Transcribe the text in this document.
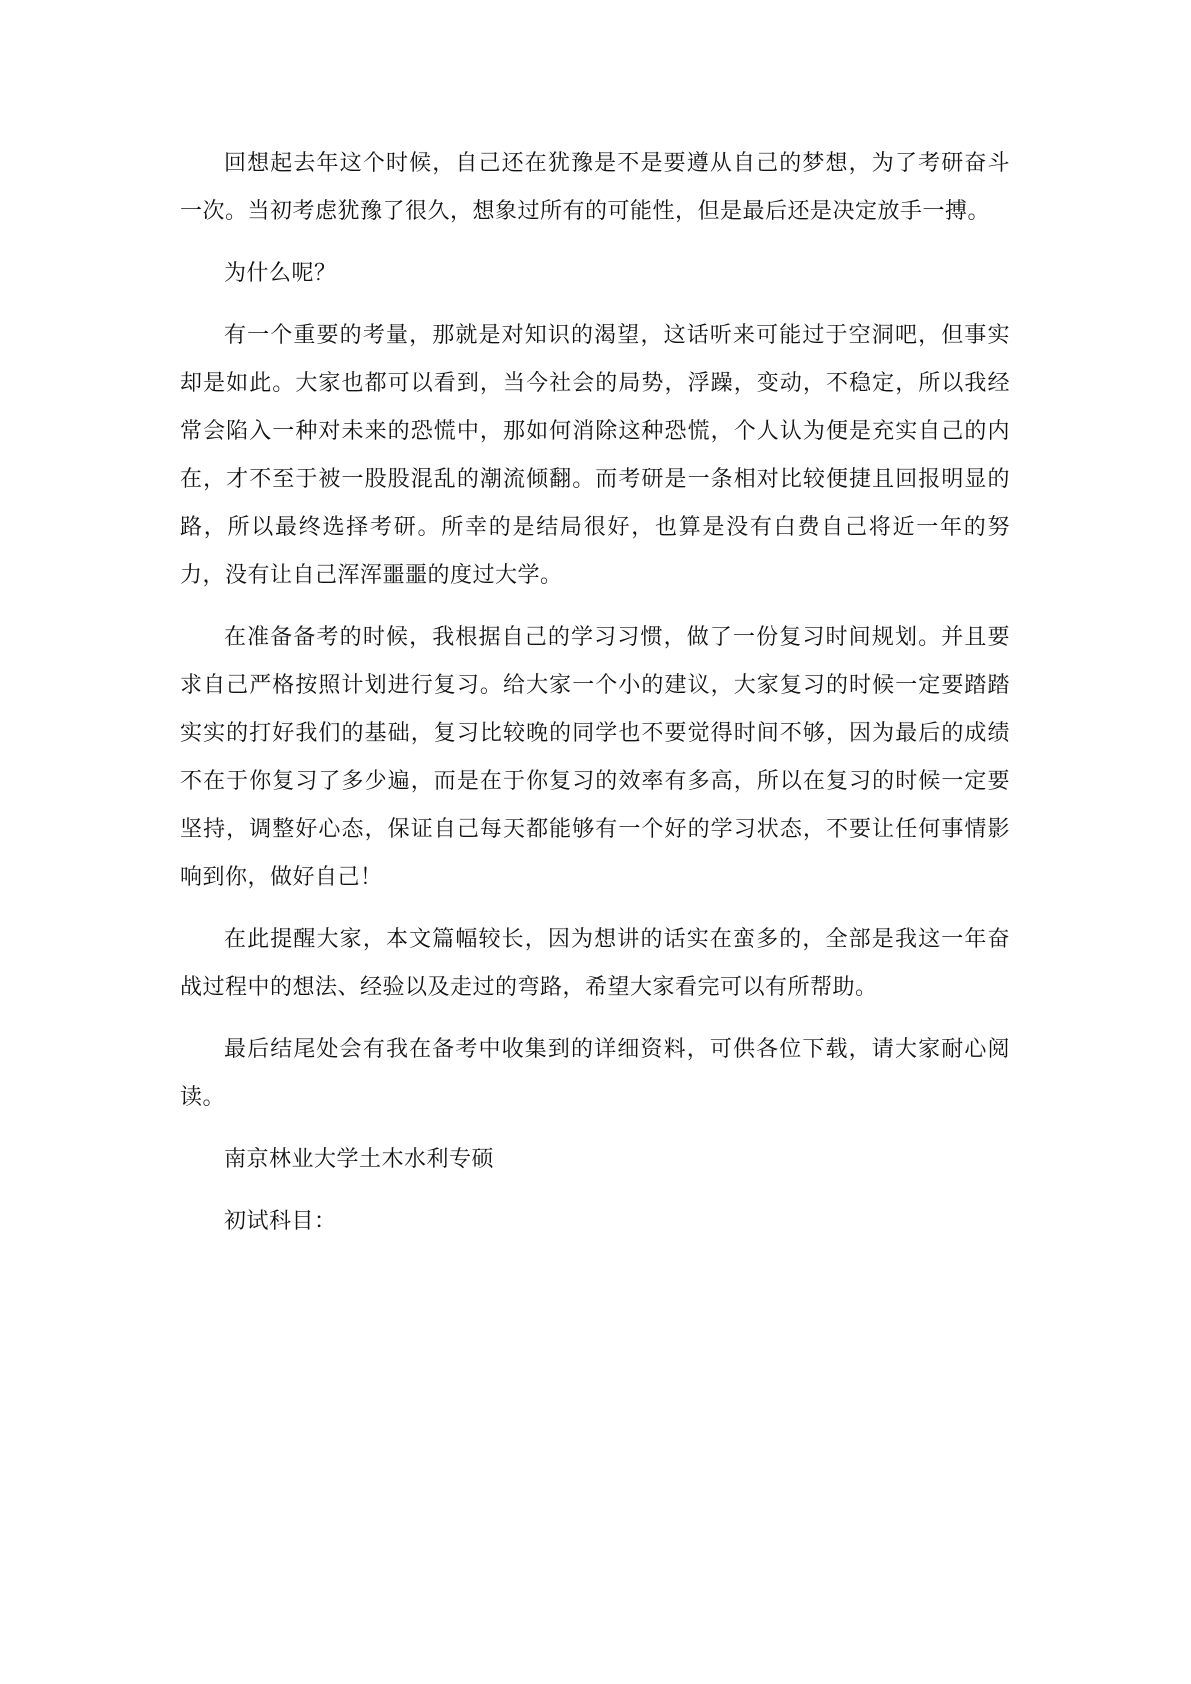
回想起去年这个时候，自己还在犹豫是不是要遵从自己的梦想，为了考研奋斗一次。当初考虑犹豫了很久，想象过所有的可能性，但是最后还是决定放手一搏。

为什么呢？

有一个重要的考量，那就是对知识的渴望，这话听来可能过于空洞吧，但事实却是如此。大家也都可以看到，当今社会的局势，浮躁，变动，不稳定，所以我经常会陷入一种对未来的恐慌中，那如何消除这种恐慌，个人认为便是充实自己的内在，才不至于被一股股混乱的潮流倾翻。而考研是一条相对比较便捷且回报明显的路，所以最终选择考研。所幸的是结局很好，也算是没有白费自己将近一年的努力，没有让自己浑浑噩噩的度过大学。

在准备备考的时候，我根据自己的学习习惯，做了一份复习时间规划。并且要求自己严格按照计划进行复习。给大家一个小的建议，大家复习的时候一定要踏踏实实的打好我们的基础，复习比较晚的同学也不要觉得时间不够，因为最后的成绩不在于你复习了多少遍，而是在于你复习的效率有多高，所以在复习的时候一定要坚持，调整好心态，保证自己每天都能够有一个好的学习状态，不要让任何事情影响到你，做好自己！

在此提醒大家，本文篇幅较长，因为想讲的话实在蛮多的，全部是我这一年奋战过程中的想法、经验以及走过的弯路，希望大家看完可以有所帮助。

最后结尾处会有我在备考中收集到的详细资料，可供各位下载，请大家耐心阅读。

南京林业大学土木水利专硕

初试科目：
